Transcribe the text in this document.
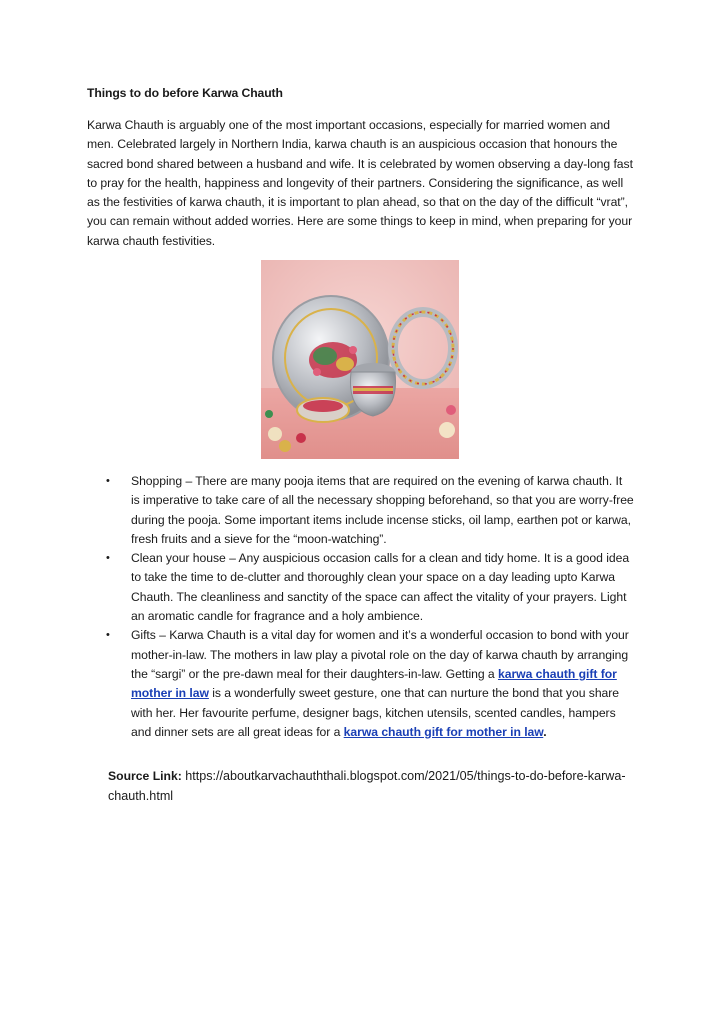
Things to do before Karwa Chauth

Karwa Chauth is arguably one of the most important occasions, especially for married women and men. Celebrated largely in Northern India, karwa chauth is an auspicious occasion that honours the sacred bond shared between a husband and wife. It is celebrated by women observing a day-long fast to pray for the health, happiness and longevity of their partners. Considering the significance, as well as the festivities of karwa chauth, it is important to plan ahead, so that on the day of the difficult “vrat”, you can remain without added worries. Here are some things to keep in mind, when preparing for your karwa chauth festivities.

• Shopping – There are many pooja items that are required on the evening of karwa chauth. It is imperative to take care of all the necessary shopping beforehand, so that you are worry-free during the pooja. Some important items include incense sticks, oil lamp, earthen pot or karwa, fresh fruits and a sieve for the “moon-watching”.
• Clean your house – Any auspicious occasion calls for a clean and tidy home. It is a good idea to take the time to de-clutter and thoroughly clean your space on a day leading upto Karwa Chauth. The cleanliness and sanctity of the space can affect the vitality of your prayers. Light an aromatic candle for fragrance and a holy ambience.
• Gifts – Karwa Chauth is a vital day for women and it’s a wonderful occasion to bond with your mother-in-law. The mothers in law play a pivotal role on the day of karwa chauth by arranging the “sargi” or the pre-dawn meal for their daughters-in-law. Getting a karwa chauth gift for mother in law is a wonderfully sweet gesture, one that can nurture the bond that you share with her. Her favourite perfume, designer bags, kitchen utensils, scented candles, hampers and dinner sets are all great ideas for a karwa chauth gift for mother in law.

Source Link: https://aboutkarvachauththali.blogspot.com/2021/05/things-to-do-before-karwa-chauth.html
